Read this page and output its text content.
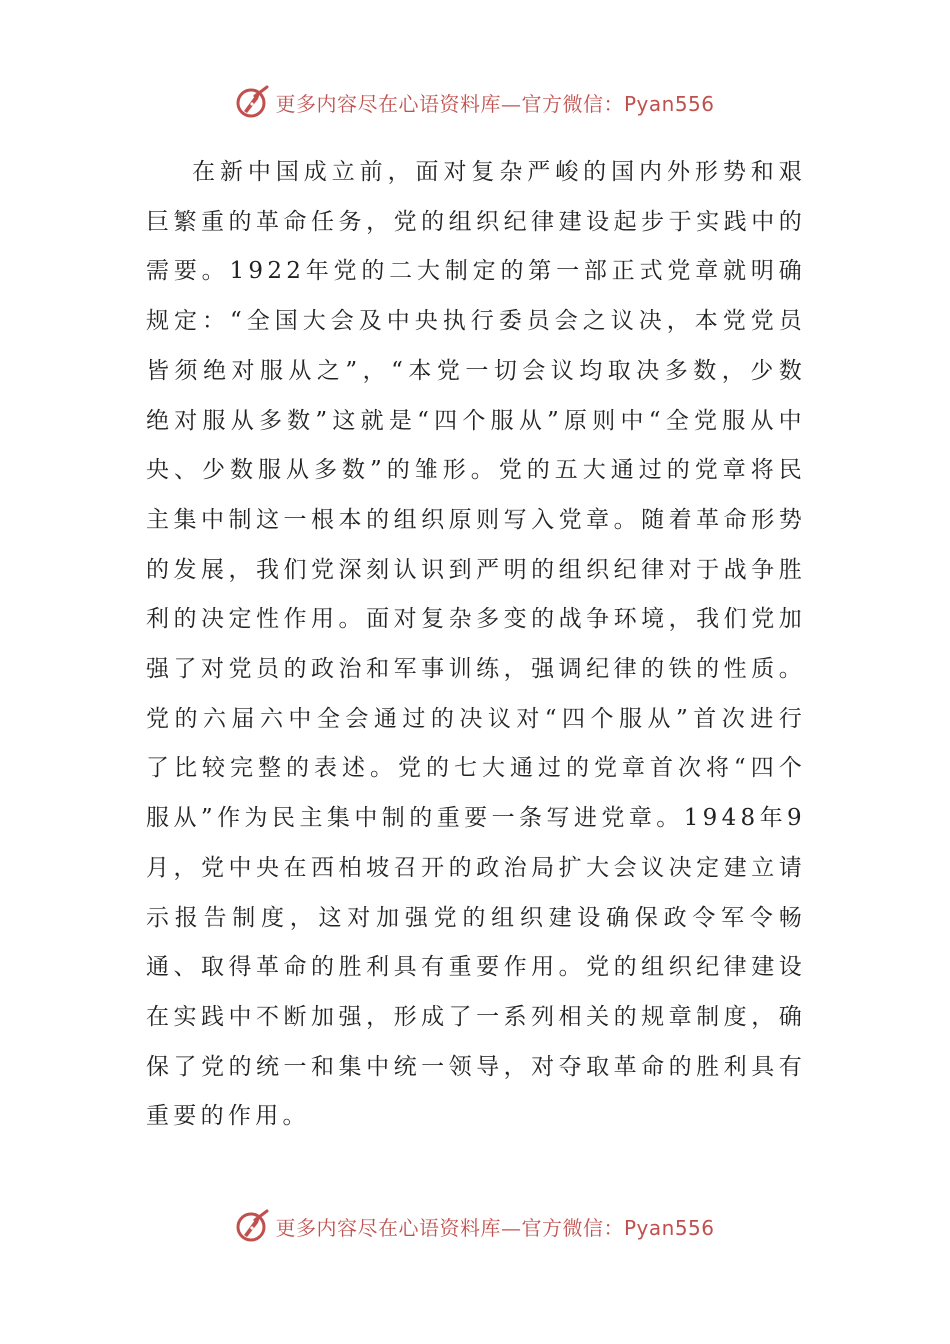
更多内容尽在心语资料库—官方微信：Pyan556
在新中国成立前，面对复杂严峻的国内外形势和艰巨繁重的革命任务，党的组织纪律建设起步于实践中的需要。1922年党的二大制定的第一部正式党章就明确规定：“全国大会及中央执行委员会之议决，本党党员皆须绝对服从之”，“本党一切会议均取决多数，少数绝对服从多数”这就是“四个服从”原则中“全党服从中央、少数服从多数”的雏形。党的五大通过的党章将民主集中制这一根本的组织原则写入党章。随着革命形势的发展，我们党深刻认识到严明的组织纪律对于战争胜利的决定性作用。面对复杂多变的战争环境，我们党加强了对党员的政治和军事训练，强调纪律的铁的性质。党的六届六中全会通过的决议对“四个服从”首次进行了比较完整的表述。党的七大通过的党章首次将“四个服从”作为民主集中制的重要一条写进党章。1948年9月，党中央在西柏坡召开的政治局扩大会议决定建立请示报告制度，这对加强党的组织建设确保政令军令畅通、取得革命的胜利具有重要作用。党的组织纪律建设在实践中不断加强，形成了一系列相关的规章制度，确保了党的统一和集中统一领导，对夺取革命的胜利具有重要的作用。
更多内容尽在心语资料库—官方微信：Pyan556
